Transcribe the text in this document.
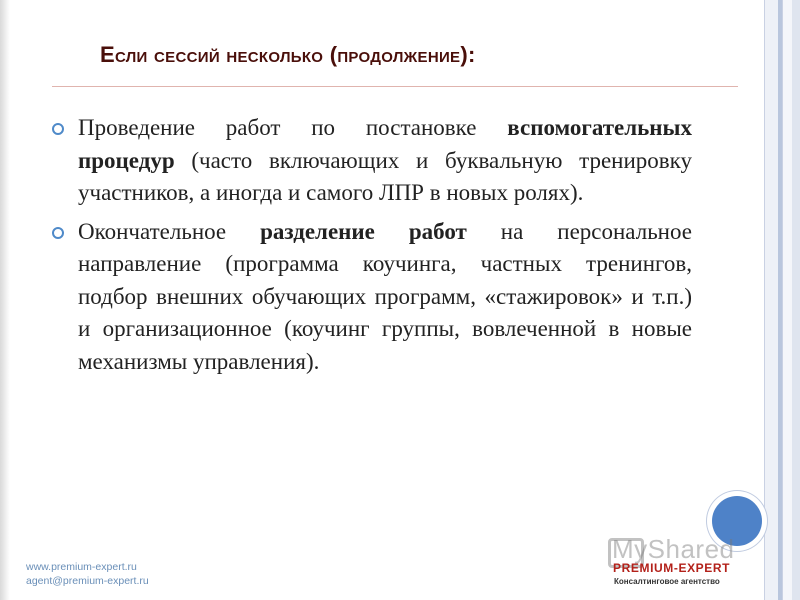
Если сессий несколько (продолжение):
Проведение работ по постановке вспомогательных процедур (часто включающих и буквальную тренировку участников, а иногда и самого ЛПР в новых ролях).
Окончательное разделение работ на персональное направление (программа коучинга, частных тренингов, подбор внешних обучающих программ, «стажировок» и т.п.) и организационное (коучинг группы, вовлеченной в новые механизмы управления).
www.premium-expert.ru
agent@premium-expert.ru
MyShared
PREMIUM-EXPERT
Консалтинговое агентство
